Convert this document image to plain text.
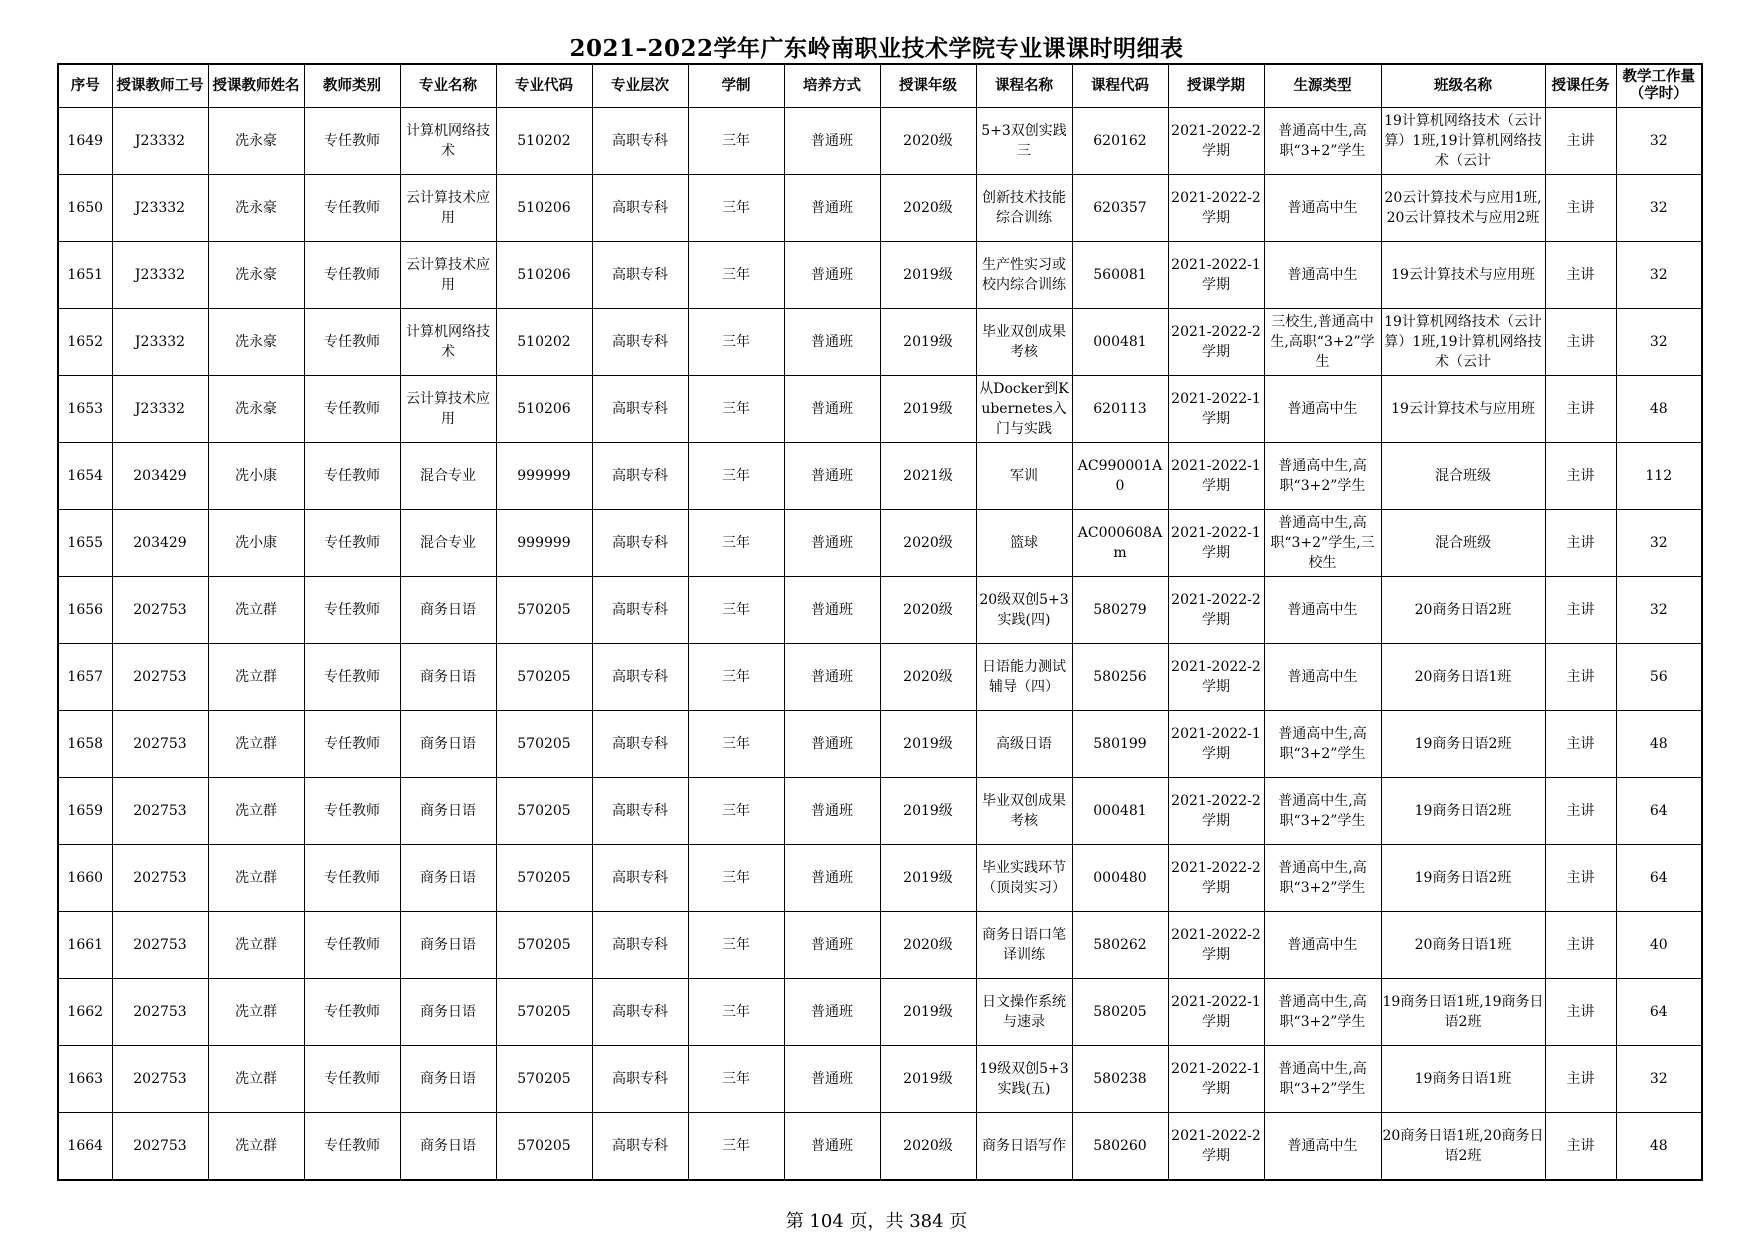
2021–2022学年广东岭南职业技术学院专业课课时明细表
序号	授课教师工号	授课教师姓名	教师类别	专业名称	专业代码	专业层次	学制	培养方式	授课年级	课程名称	课程代码	授课学期	生源类型	班级名称	授课任务	教学工作量（学时）

1649	J23332	冼永豪	专任教师	计算机网络技术	510202	高职专科	三年	普通班	2020级	5+3双创实践三	620162	2021-2022-2学期	普通高中生,高职“3+2”学生	19计算机网络技术（云计算）1班,19计算机网络技术（云计	主讲	32

1650	J23332	冼永豪	专任教师	云计算技术应用	510206	高职专科	三年	普通班	2020级	创新技术技能综合训练	620357	2021-2022-2学期	普通高中生	20云计算技术与应用1班,20云计算技术与应用2班	主讲	32

1651	J23332	冼永豪	专任教师	云计算技术应用	510206	高职专科	三年	普通班	2019级	生产性实习或校内综合训练	560081	2021-2022-1学期	普通高中生	19云计算技术与应用班	主讲	32

1652	J23332	冼永豪	专任教师	计算机网络技术	510202	高职专科	三年	普通班	2019级	毕业双创成果考核	000481	2021-2022-2学期	三校生,普通高中生,高职“3+2”学生	19计算机网络技术（云计算）1班,19计算机网络技术（云计	主讲	32

1653	J23332	冼永豪	专任教师	云计算技术应用	510206	高职专科	三年	普通班	2019级	从Docker到Kubernetes入门与实践	620113	2021-2022-1学期	普通高中生	19云计算技术与应用班	主讲	48

1654	203429	冼小康	专任教师	混合专业	999999	高职专科	三年	普通班	2021级	军训	AC990001A0	2021-2022-1学期	普通高中生,高职“3+2”学生	混合班级	主讲	112

1655	203429	冼小康	专任教师	混合专业	999999	高职专科	三年	普通班	2020级	篮球	AC000608Am	2021-2022-1学期	普通高中生,高职“3+2”学生,三校生	混合班级	主讲	32

1656	202753	冼立群	专任教师	商务日语	570205	高职专科	三年	普通班	2020级	20级双创5+3实践(四)	580279	2021-2022-2学期	普通高中生	20商务日语2班	主讲	32

1657	202753	冼立群	专任教师	商务日语	570205	高职专科	三年	普通班	2020级	日语能力测试辅导（四）	580256	2021-2022-2学期	普通高中生	20商务日语1班	主讲	56

1658	202753	冼立群	专任教师	商务日语	570205	高职专科	三年	普通班	2019级	高级日语	580199	2021-2022-1学期	普通高中生,高职“3+2”学生	19商务日语2班	主讲	48

1659	202753	冼立群	专任教师	商务日语	570205	高职专科	三年	普通班	2019级	毕业双创成果考核	000481	2021-2022-2学期	普通高中生,高职“3+2”学生	19商务日语2班	主讲	64

1660	202753	冼立群	专任教师	商务日语	570205	高职专科	三年	普通班	2019级	毕业实践环节（顶岗实习）	000480	2021-2022-2学期	普通高中生,高职“3+2”学生	19商务日语2班	主讲	64

1661	202753	冼立群	专任教师	商务日语	570205	高职专科	三年	普通班	2020级	商务日语口笔译训练	580262	2021-2022-2学期	普通高中生	20商务日语1班	主讲	40

1662	202753	冼立群	专任教师	商务日语	570205	高职专科	三年	普通班	2019级	日文操作系统与速录	580205	2021-2022-1学期	普通高中生,高职“3+2”学生	19商务日语1班,19商务日语2班	主讲	64

1663	202753	冼立群	专任教师	商务日语	570205	高职专科	三年	普通班	2019级	19级双创5+3实践(五)	580238	2021-2022-1学期	普通高中生,高职“3+2”学生	19商务日语1班	主讲	32

1664	202753	冼立群	专任教师	商务日语	570205	高职专科	三年	普通班	2020级	商务日语写作	580260	2021-2022-2学期	普通高中生	20商务日语1班,20商务日语2班	主讲	48
第 104 页，共 384 页
